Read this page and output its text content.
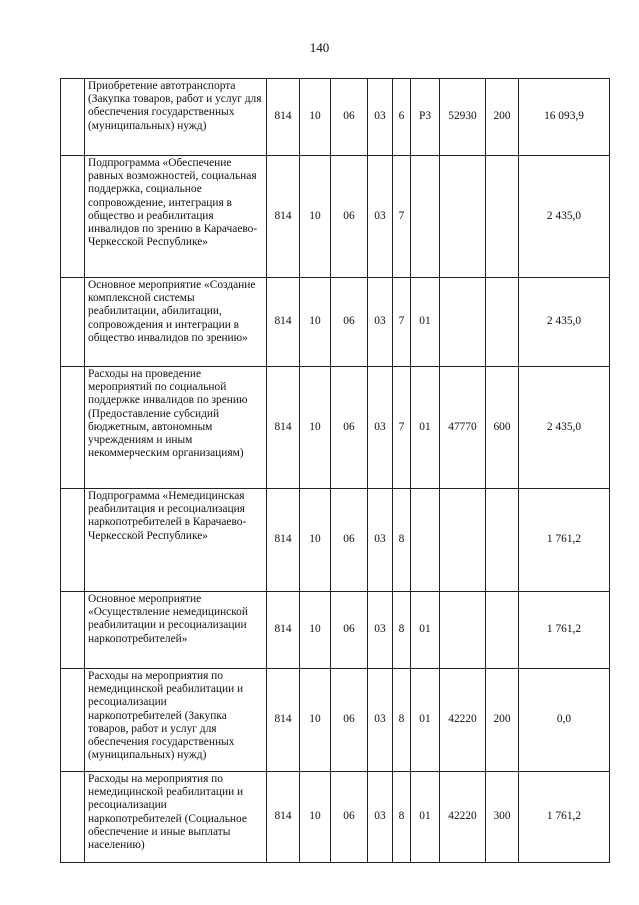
140
	Приобретение автотранспорта (Закупка товаров, работ и услуг для обеспечения государственных (муниципальных) нужд)	814	10	06	03	6	P3	52930	200	16 093,9
	Подпрограмма «Обеспечение равных возможностей, социальная поддержка, социальное сопровождение, интеграция в общество и реабилитация инвалидов по зрению в Карачаево-Черкесской Республике»	814	10	06	03	7				2 435,0
	Основное мероприятие «Создание комплексной системы реабилитации, абилитации, сопровождения и интеграции в общество инвалидов по зрению»	814	10	06	03	7	01			2 435,0
	Расходы на проведение мероприятий по социальной поддержке инвалидов по зрению (Предоставление субсидий бюджетным, автономным учреждениям и иным некоммерческим организациям)	814	10	06	03	7	01	47770	600	2 435,0
	Подпрограмма «Немедицинская реабилитация и ресоциализация наркопотребителей в Карачаево-Черкесской Республике»	814	10	06	03	8				1 761,2
	Основное мероприятие «Осуществление немедицинской реабилитации и ресоциализации наркопотребителей»	814	10	06	03	8	01			1 761,2
	Расходы на мероприятия по немедицинской реабилитации и ресоциализации наркопотребителей (Закупка товаров, работ и услуг для обеспечения государственных (муниципальных) нужд)	814	10	06	03	8	01	42220	200	0,0
	Расходы на мероприятия по немедицинской реабилитации и ресоциализации наркопотребителей (Социальное обеспечение и иные выплаты населению)	814	10	06	03	8	01	42220	300	1 761,2
